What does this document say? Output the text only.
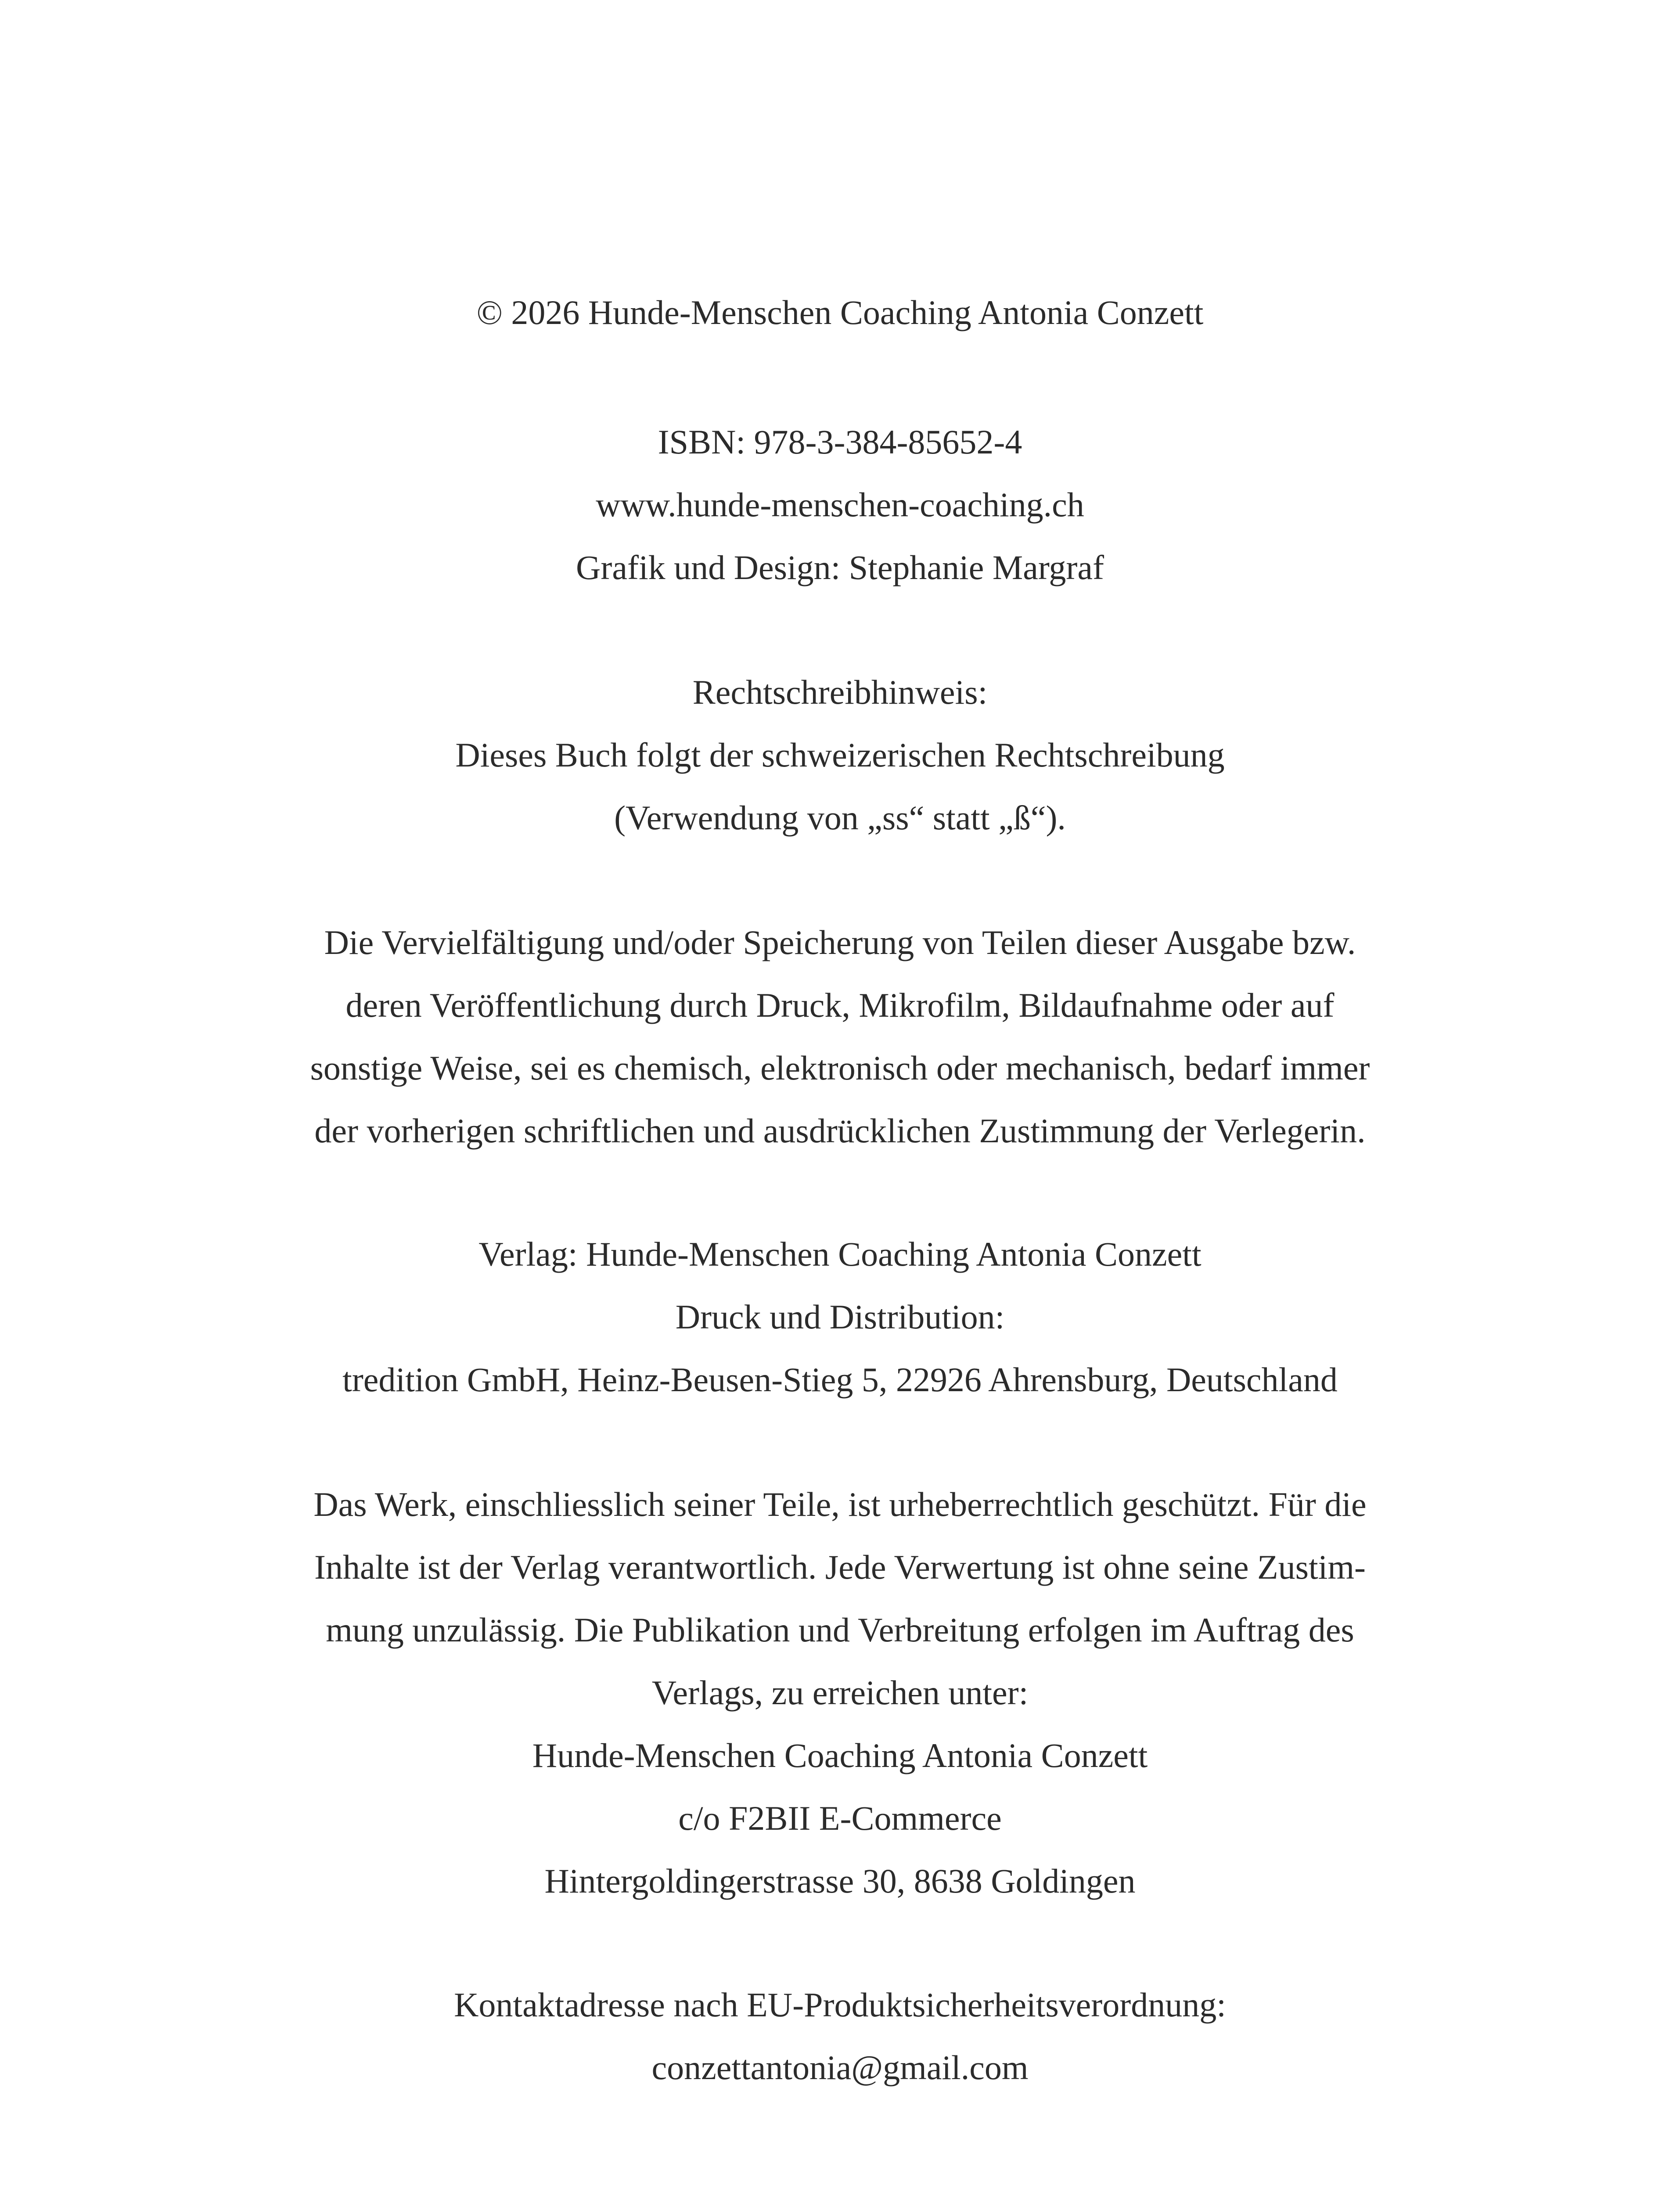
© 2026 Hunde-Menschen Coaching Antonia Conzett
ISBN: 978-3-384-85652-4
www.hunde-menschen-coaching.ch
Grafik und Design: Stephanie Margraf
Rechtschreibhinweis:
Dieses Buch folgt der schweizerischen Rechtschreibung
(Verwendung von „ss“ statt „ß“).
Die Vervielfältigung und/oder Speicherung von Teilen dieser Ausgabe bzw.
deren Veröffentlichung durch Druck, Mikrofilm, Bildaufnahme oder auf
sonstige Weise, sei es chemisch, elektronisch oder mechanisch, bedarf immer
der vorherigen schriftlichen und ausdrücklichen Zustimmung der Verlegerin.
Verlag: Hunde-Menschen Coaching Antonia Conzett
Druck und Distribution:
tredition GmbH, Heinz-Beusen-Stieg 5, 22926 Ahrensburg, Deutschland
Das Werk, einschliesslich seiner Teile, ist urheberrechtlich geschützt. Für die
Inhalte ist der Verlag verantwortlich. Jede Verwertung ist ohne seine Zustim-
mung unzulässig. Die Publikation und Verbreitung erfolgen im Auftrag des
Verlags, zu erreichen unter:
Hunde-Menschen Coaching Antonia Conzett
c/o F2BII E-Commerce
Hintergoldingerstrasse 30, 8638 Goldingen
Kontaktadresse nach EU-Produktsicherheitsverordnung:
conzettantonia@gmail.com
